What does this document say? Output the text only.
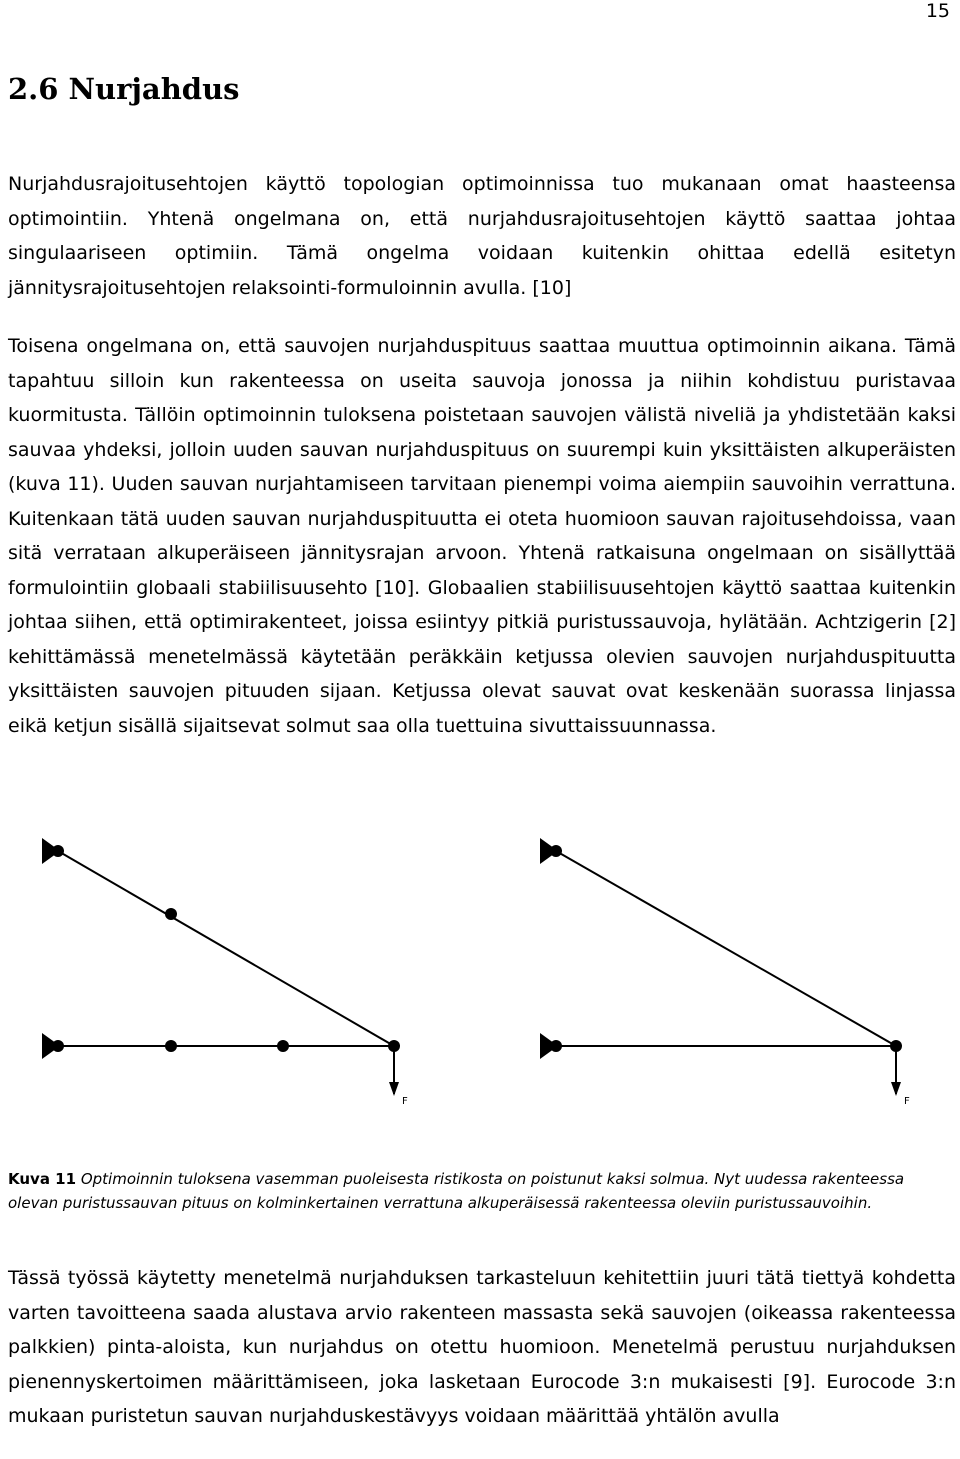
15
2.6 Nurjahdus

Nurjahdusrajoitusehtojen käyttö topologian optimoinnissa tuo mukanaan omat haasteensa optimointiin. Yhtenä ongelmana on, että nurjahdusrajoitusehtojen käyttö saattaa johtaa singulaariseen optimiin. Tämä ongelma voidaan kuitenkin ohittaa edellä esitetyn jännitysrajoitusehtojen relaksointi-formuloinnin avulla. [10]

Toisena ongelmana on, että sauvojen nurjahduspituus saattaa muuttua optimoinnin aikana. Tämä tapahtuu silloin kun rakenteessa on useita sauvoja jonossa ja niihin kohdistuu puristavaa kuormitusta. Tällöin optimoinnin tuloksena poistetaan sauvojen välistä niveliä ja yhdistetään kaksi sauvaa yhdeksi, jolloin uuden sauvan nurjahduspituus on suurempi kuin yksittäisten alkuperäisten (kuva 11). Uuden sauvan nurjahtamiseen tarvitaan pienempi voima aiempiin sauvoihin verrattuna. Kuitenkaan tätä uuden sauvan nurjahduspituutta ei oteta huomioon sauvan rajoitusehdoissa, vaan sitä verrataan alkuperäiseen jännitysrajan arvoon. Yhtenä ratkaisuna ongelmaan on sisällyttää formulointiin globaali stabiilisuusehto [10]. Globaalien stabiilisuusehtojen käyttö saattaa kuitenkin johtaa siihen, että optimirakenteet, joissa esiintyy pitkiä puristussauvoja, hylätään. Achtzigerin [2] kehittämässä menetelmässä käytetään peräkkäin ketjussa olevien sauvojen nurjahduspituutta yksittäisten sauvojen pituuden sijaan. Ketjussa olevat sauvat ovat keskenään suorassa linjassa eikä ketjun sisällä sijaitsevat solmut saa olla tuettuina sivuttaissuunnassa.

F	F
Kuva 11 Optimoinnin tuloksena vasemman puoleisesta ristikosta on poistunut kaksi solmua. Nyt uudessa rakenteessa olevan puristussauvan pituus on kolminkertainen verrattuna alkuperäisessä rakenteessa oleviin puristussauvoihin.

Tässä työssä käytetty menetelmä nurjahduksen tarkasteluun kehitettiin juuri tätä tiettyä kohdetta varten tavoitteena saada alustava arvio rakenteen massasta sekä sauvojen (oikeassa rakenteessa palkkien) pinta-aloista, kun nurjahdus on otettu huomioon. Menetelmä perustuu nurjahduksen pienennyskertoimen määrittämiseen, joka lasketaan Eurocode 3:n mukaisesti [9]. Eurocode 3:n mukaan puristetun sauvan nurjahduskestävyys voidaan määrittää yhtälön avulla
